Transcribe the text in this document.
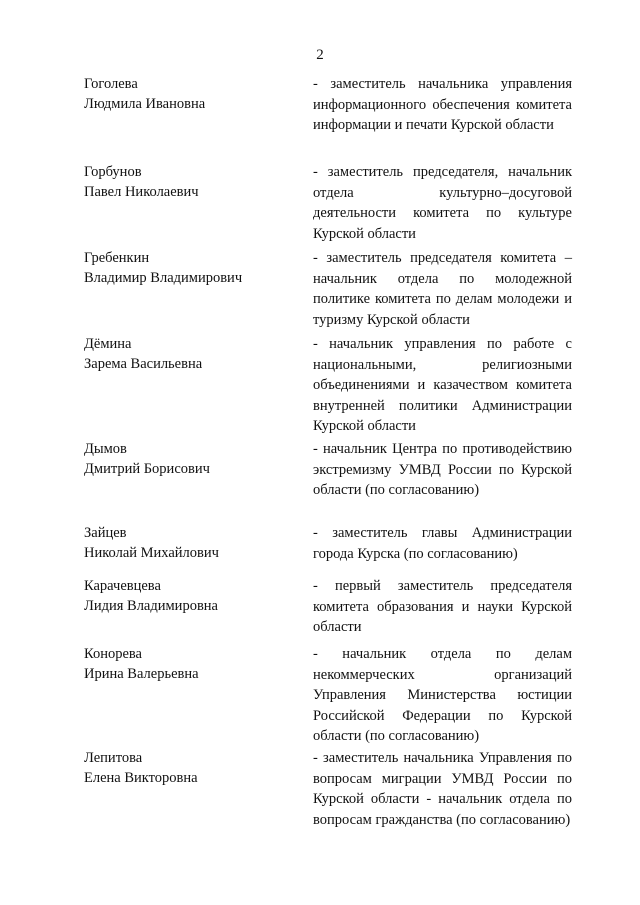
2
Гоголева
Людмила Ивановна
- заместитель начальника управления информационного обеспечения комитета информации и печати Курской области
Горбунов
Павел Николаевич
- заместитель председателя, начальник отдела культурно–досуговой деятельности комитета по культуре Курской области
Гребенкин
Владимир Владимирович
- заместитель председателя комитета – начальник отдела по молодежной политике комитета по делам молодежи и туризму Курской области
Дёмина
Зарема Васильевна
- начальник управления по работе с национальными, религиозными объединениями и казачеством комитета внутренней политики Администрации Курской области
Дымов
Дмитрий Борисович
- начальник Центра по противодействию экстремизму УМВД России по Курской области (по согласованию)
Зайцев
Николай Михайлович
- заместитель главы Администрации города Курска (по согласованию)
Карачевцева
Лидия Владимировна
- первый заместитель председателя комитета образования и науки Курской области
Конорева
Ирина Валерьевна
- начальник отдела по делам некоммерческих организаций Управления Министерства юстиции Российской Федерации по Курской области (по согласованию)
Лепитова
Елена Викторовна
- заместитель начальника Управления по вопросам миграции УМВД России по Курской области - начальник отдела по вопросам гражданства (по согласованию)
